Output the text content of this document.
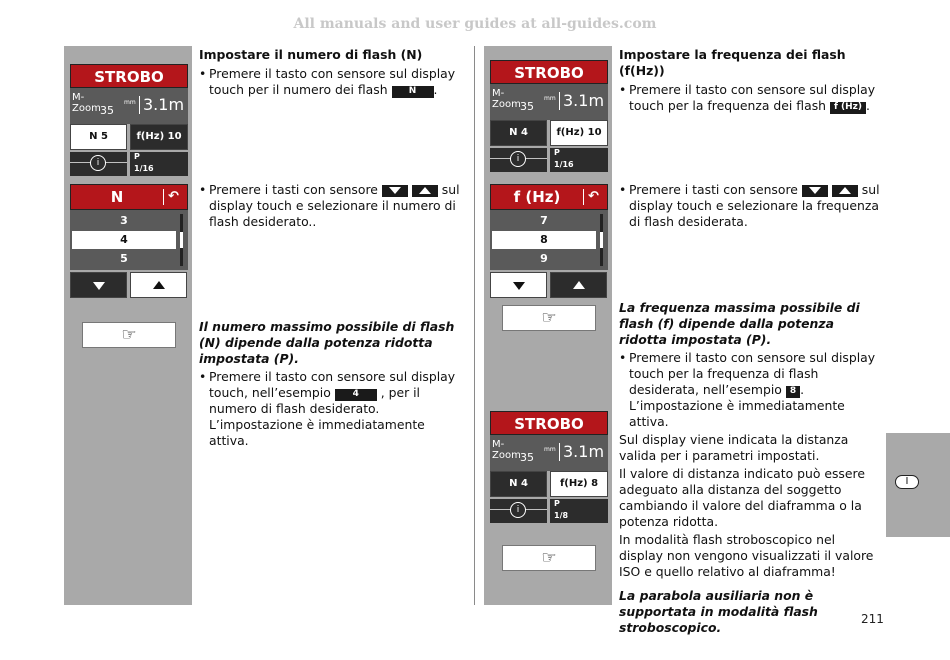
All manuals and user guides at all-guides.com
I
STROBO
M-
Zoom 35
mm 3.1m
N 5	f(Hz) 10
i
P
1/16
N	↶
3
4
5
☞
Impostare il numero di flash (N)
• Premere il tasto con sensore sul display touch per il numero dei flash N .
• Premere i tasti con sensore	sul display touch e selezionare il numero di flash desiderato..
Il numero massimo possibile di flash (N) dipende dalla potenza ridotta impostata (P).
• Premere il tasto con sensore sul display touch, nell’esempio 4 , per il numero di flash desiderato. L’impostazione è immediatamente attiva.
STROBO
M-
Zoom 35
mm 3.1m
N 4	f(Hz) 10
i
P
1/16
f (Hz)	↶
7
8
9
☞
STROBO
M-
Zoom 35
mm 3.1m
N 4	f(Hz) 8
i
P
1/8
☞
Impostare la frequenza dei flash (f(Hz))
• Premere il tasto con sensore sul display touch per la frequenza dei flash f (Hz) .
• Premere i tasti con sensore	sul display touch e selezionare la frequenza di flash desiderata.
La frequenza massima possibile di flash (f) dipende dalla potenza ridotta impostata (P).
• Premere il tasto con sensore sul display touch per la frequenza di flash desiderata, nell’esempio 8 .
L’impostazione è immediatamente attiva.
Sul display viene indicata la distanza valida per i parametri impostati.
Il valore di distanza indicato può essere adeguato alla distanza del soggetto cambiando il valore del diaframma o la potenza ridotta.
In modalità flash stroboscopico nel display non vengono visualizzati il valore ISO e quello relativo al diaframma!
La parabola ausiliaria non è supportata in modalità flash stroboscopico.
211
